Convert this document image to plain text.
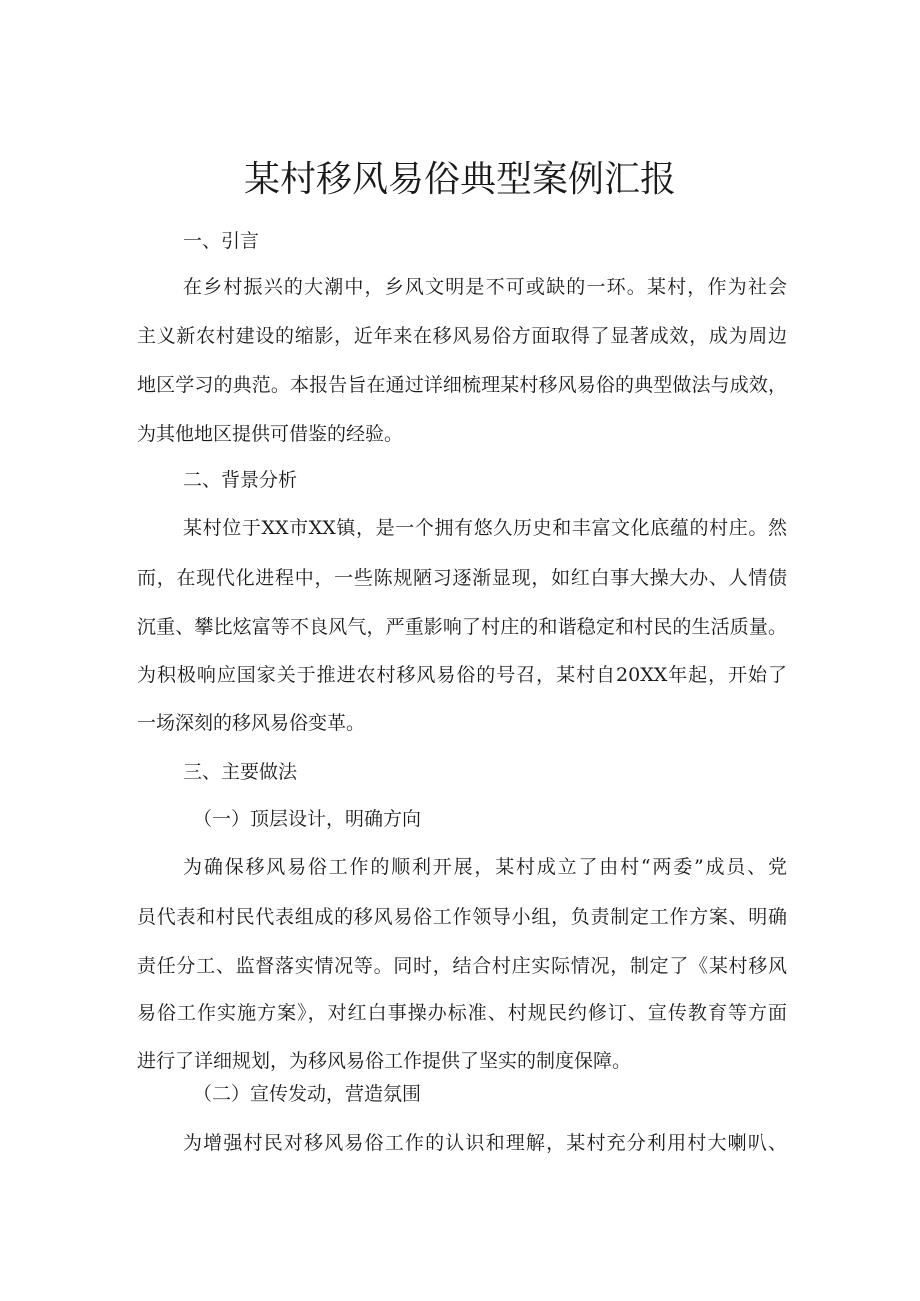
某村移风易俗典型案例汇报

一、引言

在乡村振兴的大潮中，乡风文明是不可或缺的一环。某村，作为社会

主义新农村建设的缩影，近年来在移风易俗方面取得了显著成效，成为周边

地区学习的典范。本报告旨在通过详细梳理某村移风易俗的典型做法与成效，

为其他地区提供可借鉴的经验。

二、背景分析

某村位于XX市XX镇，是一个拥有悠久历史和丰富文化底蕴的村庄。然

而，在现代化进程中，一些陈规陋习逐渐显现，如红白事大操大办、人情债

沉重、攀比炫富等不良风气，严重影响了村庄的和谐稳定和村民的生活质量。

为积极响应国家关于推进农村移风易俗的号召，某村自20XX年起，开始了

一场深刻的移风易俗变革。

三、主要做法

（一）顶层设计，明确方向

为确保移风易俗工作的顺利开展，某村成立了由村“两委”成员、党

员代表和村民代表组成的移风易俗工作领导小组，负责制定工作方案、明确

责任分工、监督落实情况等。同时，结合村庄实际情况，制定了《某村移风

易俗工作实施方案》，对红白事操办标准、村规民约修订、宣传教育等方面

进行了详细规划，为移风易俗工作提供了坚实的制度保障。

（二）宣传发动，营造氛围

为增强村民对移风易俗工作的认识和理解，某村充分利用村大喇叭、
